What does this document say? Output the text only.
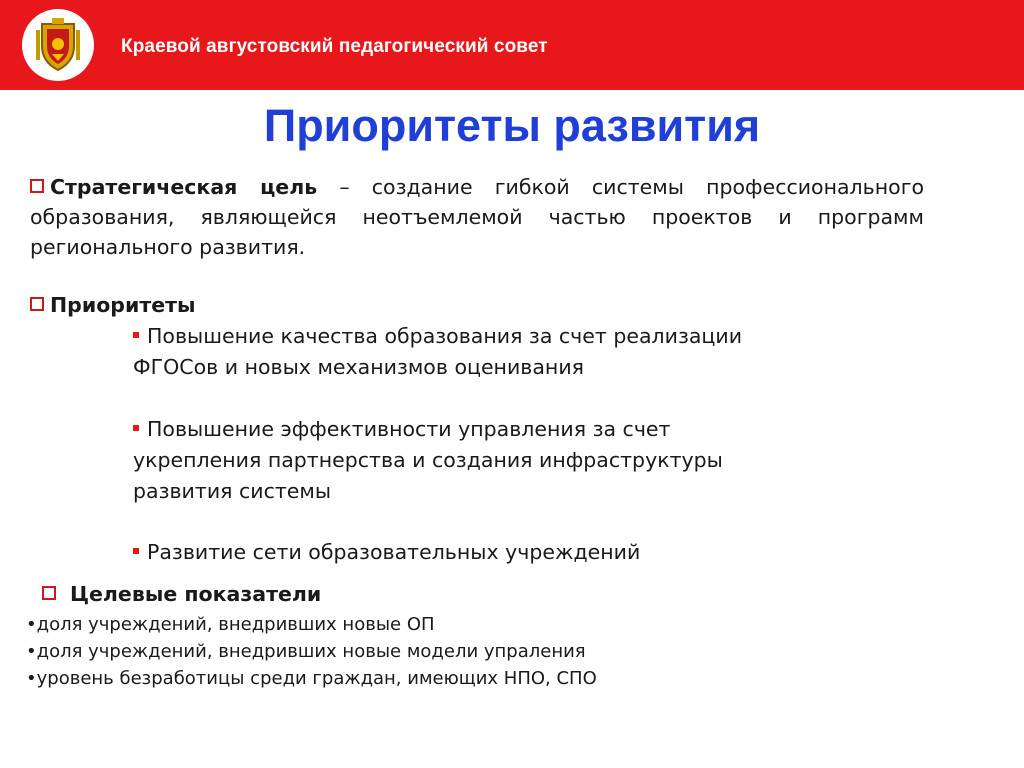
Краевой августовский педагогический совет
Приоритеты развития
Стратегическая цель – создание гибкой системы профессионального образования, являющейся неотъемлемой частью проектов и программ регионального развития.
Приоритеты
Повышение качества образования за счет реализации
ФГОСов и новых механизмов оценивания
Повышение эффективности управления за счет
укрепления партнерства и создания инфраструктуры
развития системы
Развитие сети образовательных учреждений
Целевые показатели
•доля учреждений, внедривших новые ОП
•доля учреждений, внедривших новые модели упраления
•уровень безработицы среди граждан, имеющих НПО, СПО
